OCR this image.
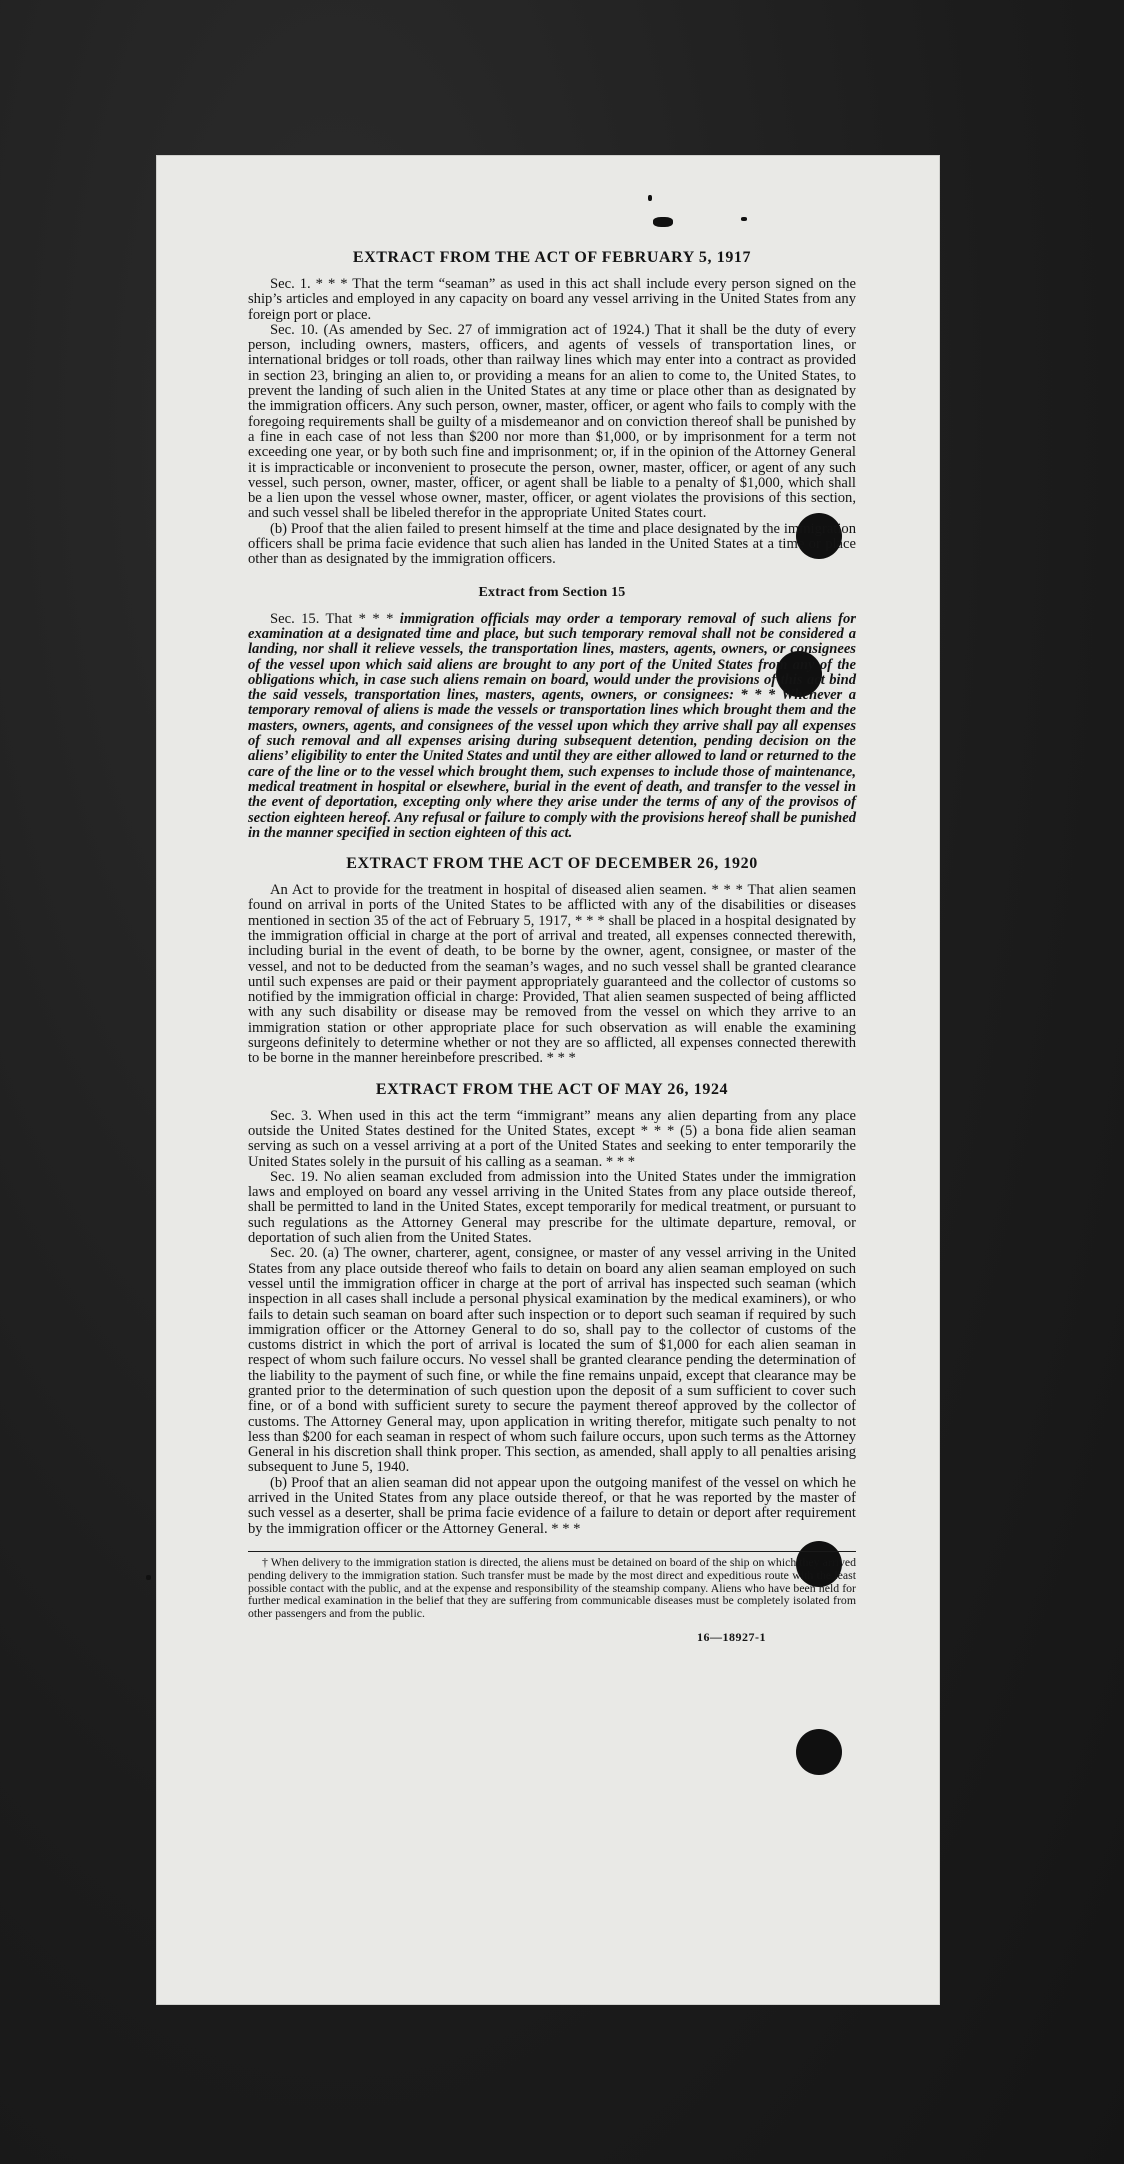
EXTRACT FROM THE ACT OF FEBRUARY 5, 1917

Sec. 1. * * * That the term “seaman” as used in this act shall include every person signed on the ship’s articles and employed in any capacity on board any vessel arriving in the United States from any foreign port or place.

Sec. 10. (As amended by Sec. 27 of immigration act of 1924.) That it shall be the duty of every person, including owners, masters, officers, and agents of vessels of transportation lines, or international bridges or toll roads, other than railway lines which may enter into a contract as provided in section 23, bringing an alien to, or providing a means for an alien to come to, the United States, to prevent the landing of such alien in the United States at any time or place other than as designated by the immigration officers. Any such person, owner, master, officer, or agent who fails to comply with the foregoing requirements shall be guilty of a misdemeanor and on conviction thereof shall be punished by a fine in each case of not less than $200 nor more than $1,000, or by imprisonment for a term not exceeding one year, or by both such fine and imprisonment; or, if in the opinion of the Attorney General it is impracticable or inconvenient to prosecute the person, owner, master, officer, or agent of any such vessel, such person, owner, master, officer, or agent shall be liable to a penalty of $1,000, which shall be a lien upon the vessel whose owner, master, officer, or agent violates the provisions of this section, and such vessel shall be libeled therefor in the appropriate United States court.

(b) Proof that the alien failed to present himself at the time and place designated by the immigration officers shall be prima facie evidence that such alien has landed in the United States at a time or place other than as designated by the immigration officers.

Extract from Section 15

Sec. 15. That * * * immigration officials may order a temporary removal of such aliens for examination at a designated time and place, but such temporary removal shall not be considered a landing, nor shall it relieve vessels, the transportation lines, masters, agents, owners, or consignees of the vessel upon which said aliens are brought to any port of the United States from any of the obligations which, in case such aliens remain on board, would under the provisions of this act bind the said vessels, transportation lines, masters, agents, owners, or consignees: * * * Whenever a temporary removal of aliens is made the vessels or transportation lines which brought them and the masters, owners, agents, and consignees of the vessel upon which they arrive shall pay all expenses of such removal and all expenses arising during subsequent detention, pending decision on the aliens’ eligibility to enter the United States and until they are either allowed to land or returned to the care of the line or to the vessel which brought them, such expenses to include those of maintenance, medical treatment in hospital or elsewhere, burial in the event of death, and transfer to the vessel in the event of deportation, excepting only where they arise under the terms of any of the provisos of section eighteen hereof. Any refusal or failure to comply with the provisions hereof shall be punished in the manner specified in section eighteen of this act.

EXTRACT FROM THE ACT OF DECEMBER 26, 1920

An Act to provide for the treatment in hospital of diseased alien seamen. * * * That alien seamen found on arrival in ports of the United States to be afflicted with any of the disabilities or diseases mentioned in section 35 of the act of February 5, 1917, * * * shall be placed in a hospital designated by the immigration official in charge at the port of arrival and treated, all expenses connected therewith, including burial in the event of death, to be borne by the owner, agent, consignee, or master of the vessel, and not to be deducted from the seaman’s wages, and no such vessel shall be granted clearance until such expenses are paid or their payment appropriately guaranteed and the collector of customs so notified by the immigration official in charge: Provided, That alien seamen suspected of being afflicted with any such disability or disease may be removed from the vessel on which they arrive to an immigration station or other appropriate place for such observation as will enable the examining surgeons definitely to determine whether or not they are so afflicted, all expenses connected therewith to be borne in the manner hereinbefore prescribed. * * *

EXTRACT FROM THE ACT OF MAY 26, 1924

Sec. 3. When used in this act the term “immigrant” means any alien departing from any place outside the United States destined for the United States, except * * * (5) a bona fide alien seaman serving as such on a vessel arriving at a port of the United States and seeking to enter temporarily the United States solely in the pursuit of his calling as a seaman. * * *

Sec. 19. No alien seaman excluded from admission into the United States under the immigration laws and employed on board any vessel arriving in the United States from any place outside thereof, shall be permitted to land in the United States, except temporarily for medical treatment, or pursuant to such regulations as the Attorney General may prescribe for the ultimate departure, removal, or deportation of such alien from the United States.

Sec. 20. (a) The owner, charterer, agent, consignee, or master of any vessel arriving in the United States from any place outside thereof who fails to detain on board any alien seaman employed on such vessel until the immigration officer in charge at the port of arrival has inspected such seaman (which inspection in all cases shall include a personal physical examination by the medical examiners), or who fails to detain such seaman on board after such inspection or to deport such seaman if required by such immigration officer or the Attorney General to do so, shall pay to the collector of customs of the customs district in which the port of arrival is located the sum of $1,000 for each alien seaman in respect of whom such failure occurs. No vessel shall be granted clearance pending the determination of the liability to the payment of such fine, or while the fine remains unpaid, except that clearance may be granted prior to the determination of such question upon the deposit of a sum sufficient to cover such fine, or of a bond with sufficient surety to secure the payment thereof approved by the collector of customs. The Attorney General may, upon application in writing therefor, mitigate such penalty to not less than $200 for each seaman in respect of whom such failure occurs, upon such terms as the Attorney General in his discretion shall think proper. This section, as amended, shall apply to all penalties arising subsequent to June 5, 1940.

(b) Proof that an alien seaman did not appear upon the outgoing manifest of the vessel on which he arrived in the United States from any place outside thereof, or that he was reported by the master of such vessel as a deserter, shall be prima facie evidence of a failure to detain or deport after requirement by the immigration officer or the Attorney General. * * *

† When delivery to the immigration station is directed, the aliens must be detained on board of the ship on which they arrived pending delivery to the immigration station. Such transfer must be made by the most direct and expeditious route with the least possible contact with the public, and at the expense and responsibility of the steamship company. Aliens who have been held for further medical examination in the belief that they are suffering from communicable diseases must be completely isolated from other passengers and from the public.
16—18927-1
